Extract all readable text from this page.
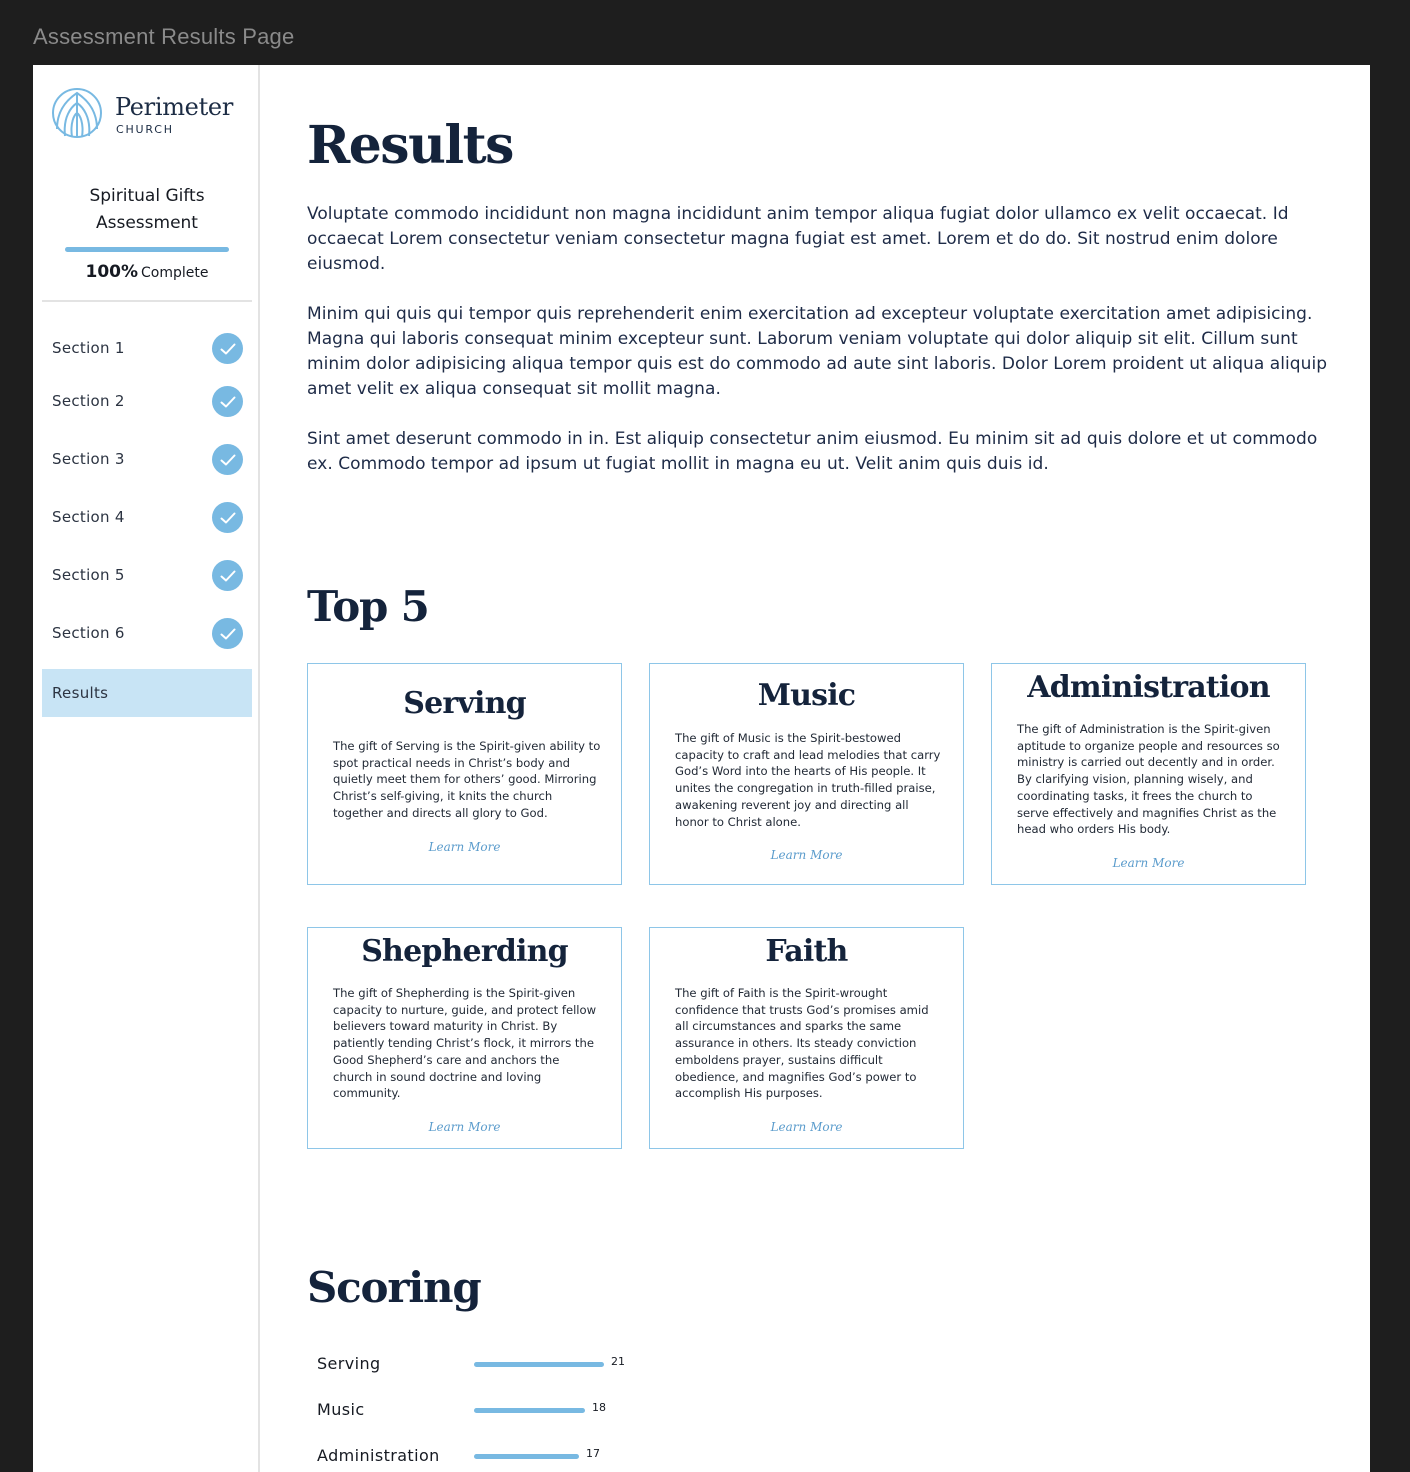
Assessment Results Page
Perimeter
CHURCH
Spiritual Gifts
Assessment
100% Complete
Section 1
Section 2
Section 3
Section 4
Section 5
Section 6
Results
Results

Voluptate commodo incididunt non magna incididunt anim tempor aliqua fugiat dolor ullamco ex velit occaecat. Id occaecat Lorem consectetur veniam consectetur magna fugiat est amet. Lorem et do do. Sit nostrud enim dolore eiusmod.

Minim qui quis qui tempor quis reprehenderit enim exercitation ad excepteur voluptate exercitation amet adipisicing. Magna qui laboris consequat minim excepteur sunt. Laborum veniam voluptate qui dolor aliquip sit elit. Cillum sunt minim dolor adipisicing aliqua tempor quis est do commodo ad aute sint laboris. Dolor Lorem proident ut aliqua aliquip amet velit ex aliqua consequat sit mollit magna.

Sint amet deserunt commodo in in. Est aliquip consectetur anim eiusmod. Eu minim sit ad quis dolore et ut commodo ex. Commodo tempor ad ipsum ut fugiat mollit in magna eu ut. Velit anim quis duis id.

Top 5
Serving
The gift of Serving is the Spirit-given ability to spot practical needs in Christ’s body and quietly meet them for others’ good. Mirroring Christ’s self-giving, it knits the church together and directs all glory to God.
Learn More
Music
The gift of Music is the Spirit-bestowed capacity to craft and lead melodies that carry God’s Word into the hearts of His people. It unites the congregation in truth-filled praise, awakening reverent joy and directing all honor to Christ alone.
Learn More
Administration
The gift of Administration is the Spirit-given aptitude to organize people and resources so ministry is carried out decently and in order. By clarifying vision, planning wisely, and coordinating tasks, it frees the church to serve effectively and magnifies Christ as the head who orders His body.
Learn More
Shepherding
The gift of Shepherding is the Spirit-given capacity to nurture, guide, and protect fellow believers toward maturity in Christ. By patiently tending Christ’s flock, it mirrors the Good Shepherd’s care and anchors the church in sound doctrine and loving community.
Learn More
Faith
The gift of Faith is the Spirit-wrought confidence that trusts God’s promises amid all circumstances and sparks the same assurance in others. Its steady conviction emboldens prayer, sustains difficult obedience, and magnifies God’s power to accomplish His purposes.
Learn More
Scoring
Serving	21
Music	18
Administration	17
